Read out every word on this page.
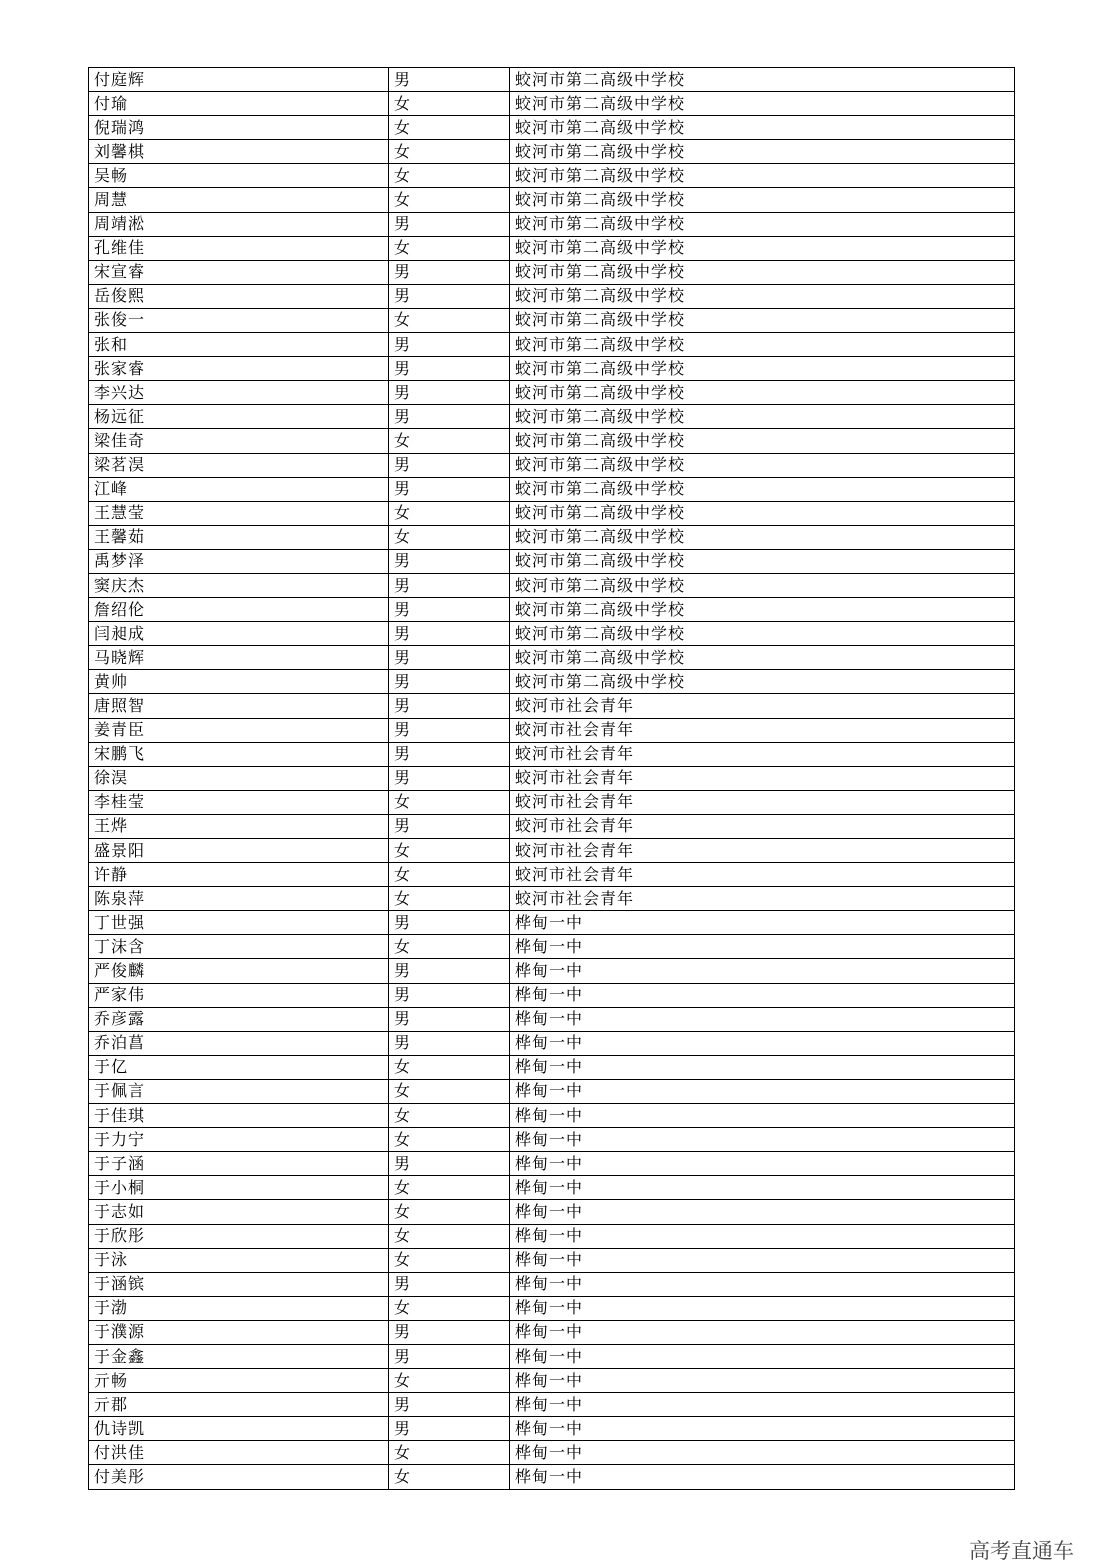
付庭辉	男	蛟河市第二高级中学校
付瑜	女	蛟河市第二高级中学校
倪瑞鸿	女	蛟河市第二高级中学校
刘馨棋	女	蛟河市第二高级中学校
吴畅	女	蛟河市第二高级中学校
周慧	女	蛟河市第二高级中学校
周靖淞	男	蛟河市第二高级中学校
孔维佳	女	蛟河市第二高级中学校
宋宣睿	男	蛟河市第二高级中学校
岳俊熙	男	蛟河市第二高级中学校
张俊一	女	蛟河市第二高级中学校
张和	男	蛟河市第二高级中学校
张家睿	男	蛟河市第二高级中学校
李兴达	男	蛟河市第二高级中学校
杨远征	男	蛟河市第二高级中学校
梁佳奇	女	蛟河市第二高级中学校
梁茗淏	男	蛟河市第二高级中学校
江峰	男	蛟河市第二高级中学校
王慧莹	女	蛟河市第二高级中学校
王馨茹	女	蛟河市第二高级中学校
禹梦泽	男	蛟河市第二高级中学校
窦庆杰	男	蛟河市第二高级中学校
詹绍伦	男	蛟河市第二高级中学校
闫昶成	男	蛟河市第二高级中学校
马晓辉	男	蛟河市第二高级中学校
黄帅	男	蛟河市第二高级中学校
唐照智	男	蛟河市社会青年
姜青臣	男	蛟河市社会青年
宋鹏飞	男	蛟河市社会青年
徐淏	男	蛟河市社会青年
李桂莹	女	蛟河市社会青年
王烨	男	蛟河市社会青年
盛景阳	女	蛟河市社会青年
许静	女	蛟河市社会青年
陈泉萍	女	蛟河市社会青年
丁世强	男	桦甸一中
丁沫含	女	桦甸一中
严俊麟	男	桦甸一中
严家伟	男	桦甸一中
乔彦露	男	桦甸一中
乔泊菖	男	桦甸一中
于亿	女	桦甸一中
于佩言	女	桦甸一中
于佳琪	女	桦甸一中
于力宁	女	桦甸一中
于子涵	男	桦甸一中
于小桐	女	桦甸一中
于志如	女	桦甸一中
于欣彤	女	桦甸一中
于泳	女	桦甸一中
于涵镔	男	桦甸一中
于渤	女	桦甸一中
于濮源	男	桦甸一中
于金鑫	男	桦甸一中
亓畅	女	桦甸一中
亓郡	男	桦甸一中
仇诗凯	男	桦甸一中
付洪佳	女	桦甸一中
付美彤	女	桦甸一中
高考直通车
